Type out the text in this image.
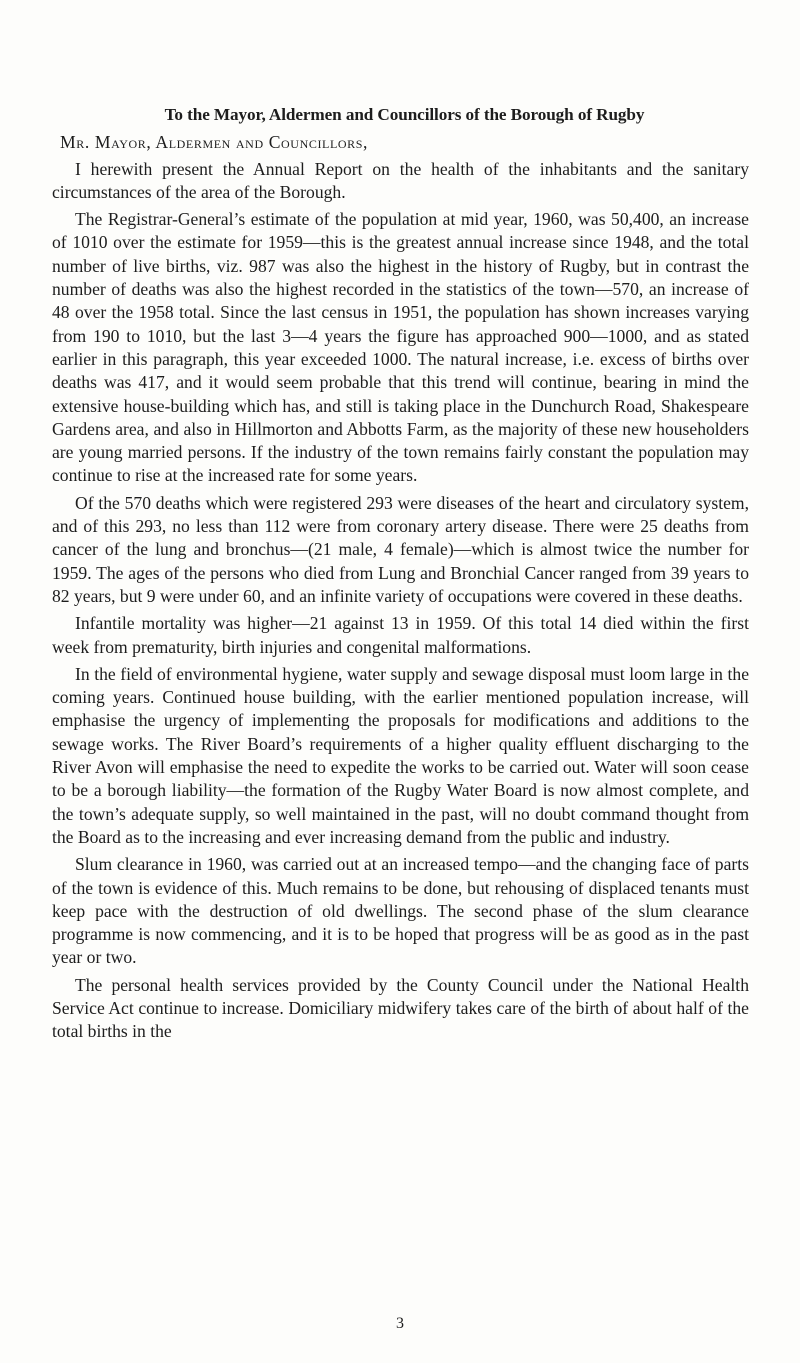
To the Mayor, Aldermen and Councillors of the Borough of Rugby
Mr. Mayor, Aldermen and Councillors,

I herewith present the Annual Report on the health of the inhabitants and the sanitary circumstances of the area of the Borough.

The Registrar-General’s estimate of the population at mid year, 1960, was 50,400, an increase of 1010 over the estimate for 1959—this is the greatest annual increase since 1948, and the total number of live births, viz. 987 was also the highest in the history of Rugby, but in contrast the number of deaths was also the highest recorded in the statistics of the town—570, an increase of 48 over the 1958 total. Since the last census in 1951, the population has shown increases varying from 190 to 1010, but the last 3—4 years the figure has approached 900—1000, and as stated earlier in this paragraph, this year exceeded 1000. The natural increase, i.e. excess of births over deaths was 417, and it would seem probable that this trend will continue, bearing in mind the extensive house-building which has, and still is taking place in the Dunchurch Road, Shakespeare Gardens area, and also in Hillmorton and Abbotts Farm, as the majority of these new householders are young married persons. If the industry of the town remains fairly constant the population may continue to rise at the increased rate for some years.

Of the 570 deaths which were registered 293 were diseases of the heart and circulatory system, and of this 293, no less than 112 were from coronary artery disease. There were 25 deaths from cancer of the lung and bronchus—(21 male, 4 female)—which is almost twice the number for 1959. The ages of the persons who died from Lung and Bronchial Cancer ranged from 39 years to 82 years, but 9 were under 60, and an infinite variety of occupations were covered in these deaths.

Infantile mortality was higher—21 against 13 in 1959. Of this total 14 died within the first week from prematurity, birth injuries and congenital malformations.

In the field of environmental hygiene, water supply and sewage disposal must loom large in the coming years. Continued house building, with the earlier mentioned population increase, will emphasise the urgency of implementing the proposals for modifications and additions to the sewage works. The River Board’s requirements of a higher quality effluent discharging to the River Avon will emphasise the need to expedite the works to be carried out. Water will soon cease to be a borough liability—the formation of the Rugby Water Board is now almost complete, and the town’s adequate supply, so well maintained in the past, will no doubt command thought from the Board as to the increasing and ever increasing demand from the public and industry.

Slum clearance in 1960, was carried out at an increased tempo—and the changing face of parts of the town is evidence of this. Much remains to be done, but rehousing of displaced tenants must keep pace with the destruction of old dwellings. The second phase of the slum clearance programme is now commencing, and it is to be hoped that progress will be as good as in the past year or two.

The personal health services provided by the County Council under the National Health Service Act continue to increase. Domiciliary midwifery takes care of the birth of about half of the total births in the

3
